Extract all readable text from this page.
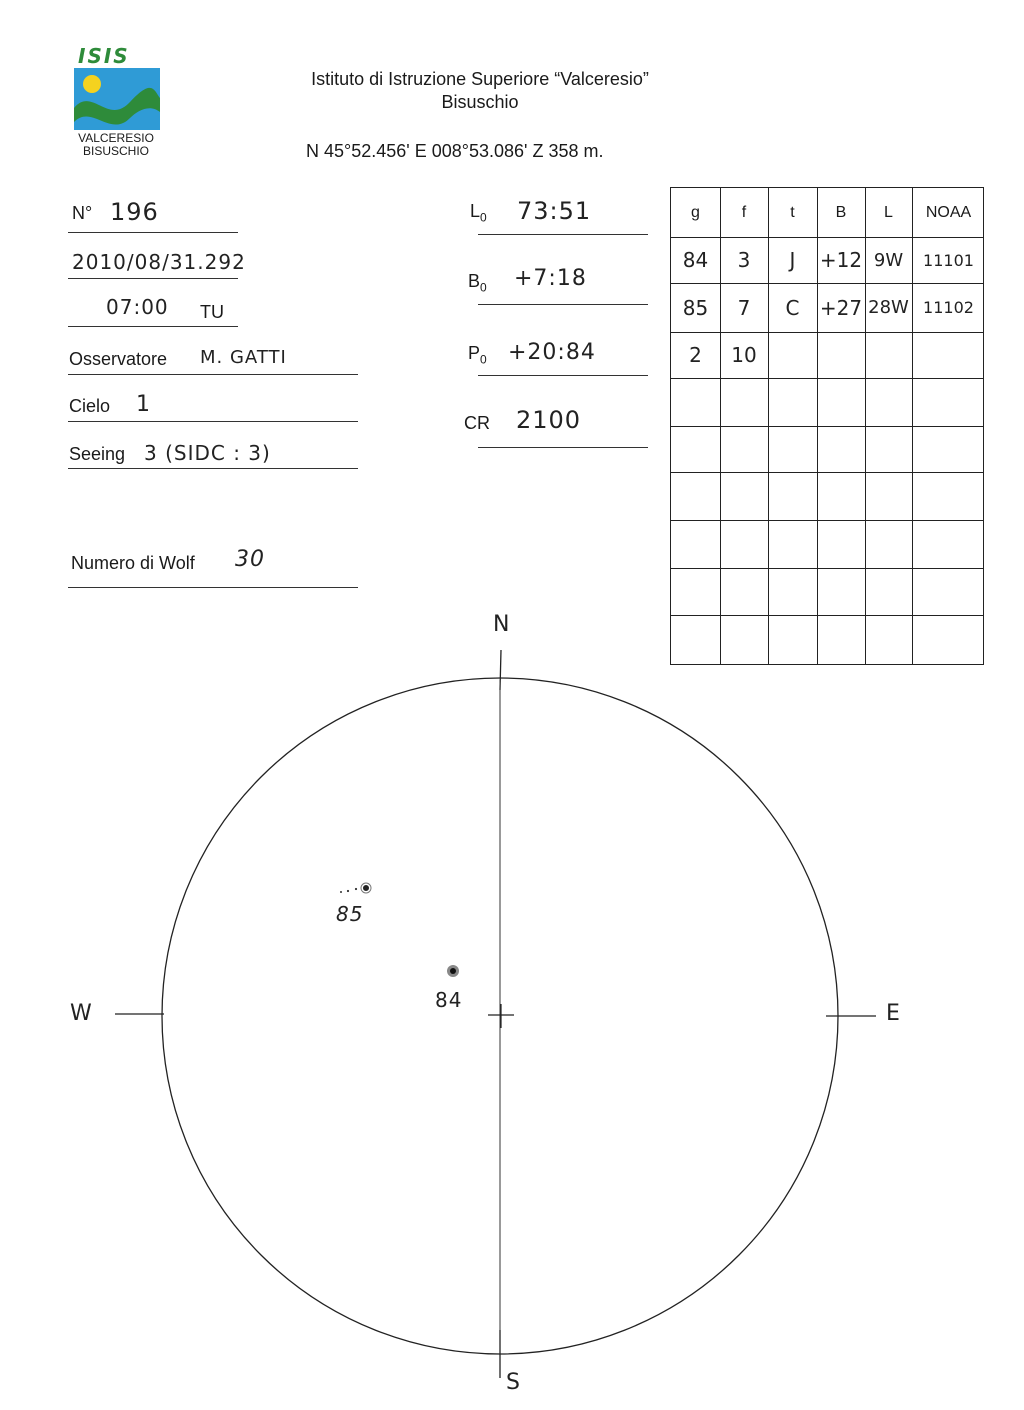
ISIS
VALCERESIO
BISUSCHIO
Istituto di Istruzione Superiore “Valceresio”
Bisuschio
N 45°52.456' E 008°53.086' Z 358 m.
N° 196
2010/08/31.292
07:00 TU
Osservatore M. GATTI
Cielo 1
Seeing 3 (SIDC : 3)
Numero di Wolf 30
$L_0$ 73:51
$B_0$ +7:18
$P_0$ +20:84
CR 2100
g	f	t	B	L	NOAA
84	3	J	+12 9W	11101
85	7	C	+27 28W 11102
2	10
N
S
W	E
85
84
